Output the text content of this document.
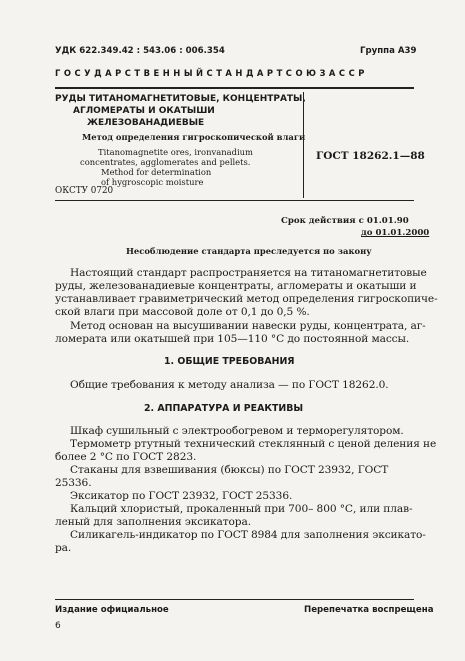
УДК 622.349.42 : 543.06 : 006.354	Группа А39
Г О С У Д А Р С Т В Е Н Н Ы Й С Т А Н Д А Р Т С О Ю З А С С Р
РУДЫ ТИТАНОМАГНЕТИТОВЫЕ, КОНЦЕНТРАТЫ,
АГЛОМЕРАТЫ И ОКАТЫШИ
ЖЕЛЕЗОВАНАДИЕВЫЕ
Метод определения гигроскопической влаги
Titanomagnetite ores, ironvanadium
concentrates, agglomerates and pellets.
Method for determination
of hygroscopic moisture
ГОСТ 18262.1—88
ОКСТУ 0720
Срок действия с 01.01.90
до 01.01.2000
Несоблюдение стандарта преследуется по закону
Настоящий стандарт распространяется на титаномагнетитовые
руды, железованадиевые концентраты, агломераты и окатыши и
устанавливает гравиметрический метод определения гигроскопиче-
ской влаги при массовой доле от 0,1 до 0,5 %.
Метод основан на высушивании навески руды, концентрата, аг-
ломерата или окатышей при 105—110 °С до постоянной массы.
1. ОБЩИЕ ТРЕБОВАНИЯ
Общие требования к методу анализа — по ГОСТ 18262.0.
2. АППАРАТУРА И РЕАКТИВЫ
Шкаф сушильный с электрообогревом и терморегулятором.
Термометр ртутный технический стеклянный с ценой деления не
более 2 °С по ГОСТ 2823.
Стаканы для взвешивания (бюксы) по ГОСТ 23932, ГОСТ
25336.
Эксикатор по ГОСТ 23932, ГОСТ 25336.
Кальций хлористый, прокаленный при 700– 800 °С, или плав-
леный для заполнения эксикатора.
Силикагель-индикатор по ГОСТ 8984 для заполнения эксикато-
ра.
Издание официальное	Перепечатка воспрещена
6
